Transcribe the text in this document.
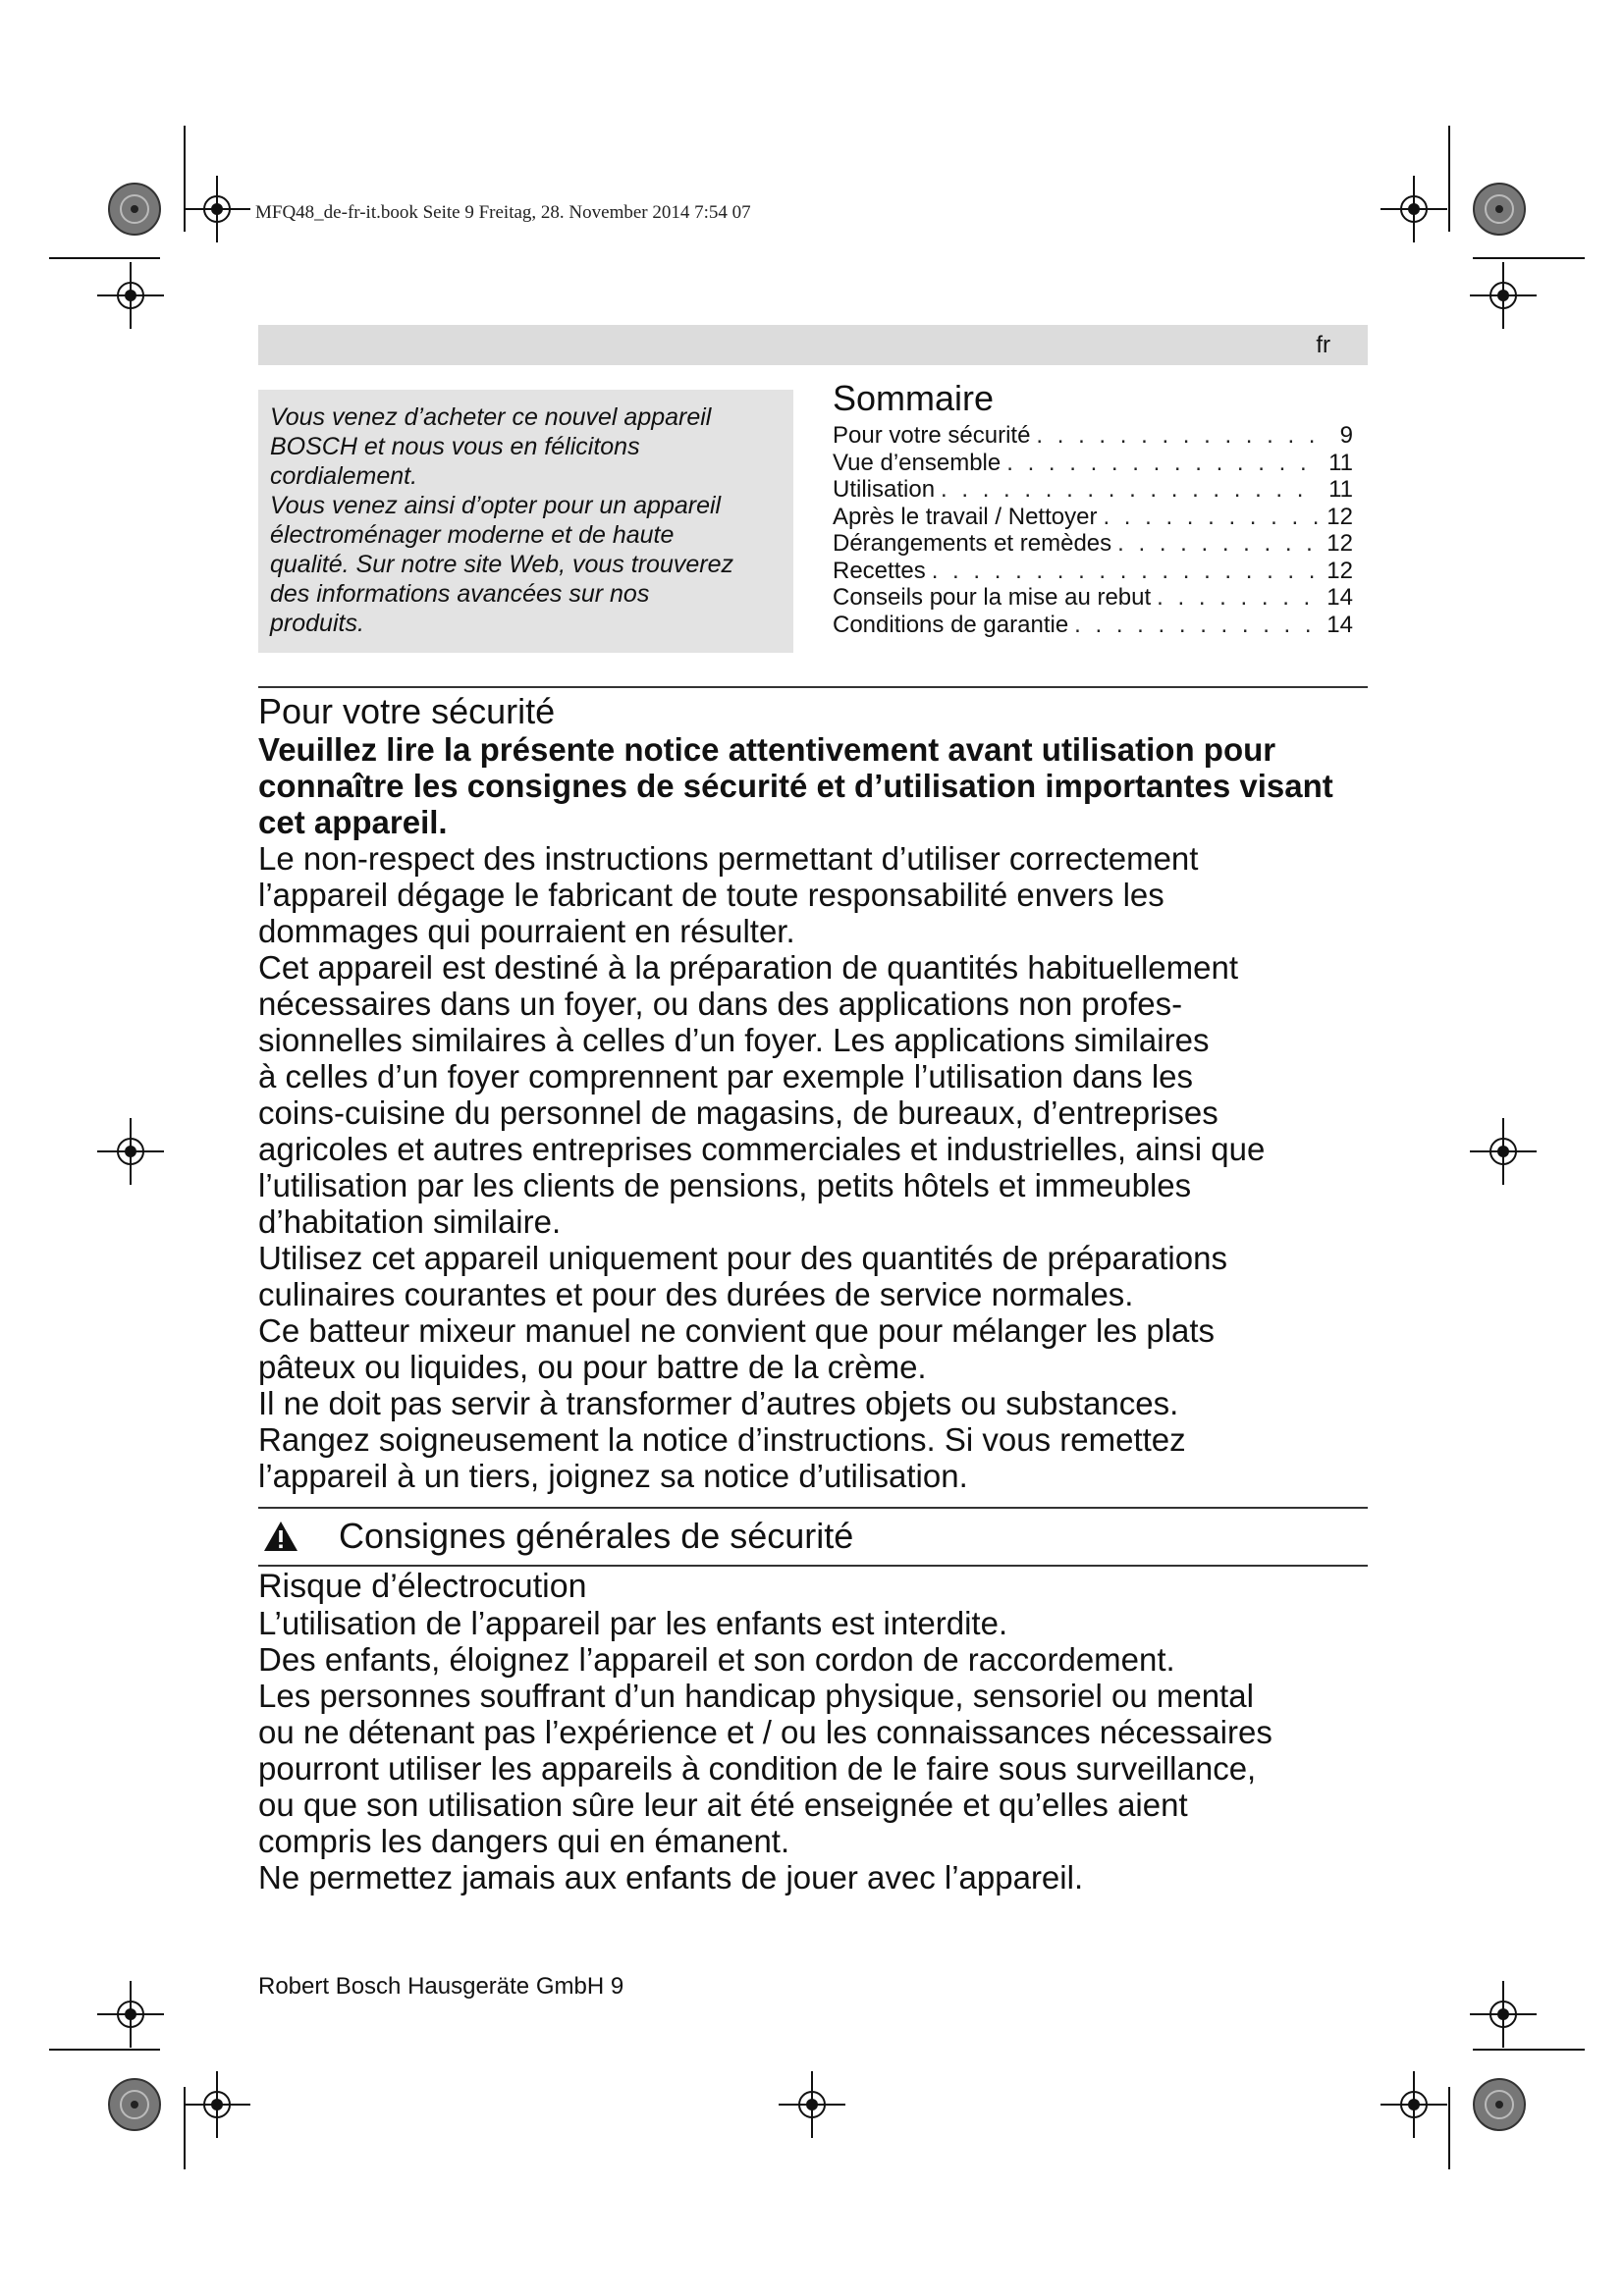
MFQ48_de-fr-it.book Seite 9 Freitag, 28. November 2014 7:54 07
fr

Vous venez d’acheter ce nouvel appareil

BOSCH et nous vous en félicitons

cordialement.

Vous venez ainsi d’opter pour un appareil

électroménager moderne et de haute

qualité. Sur notre site Web, vous trouverez

des informations avancées sur nos

produits.

Sommaire
Pour votre sécurité . . .	9
Vue d’ensemble . . .	11
Utilisation . . .	11
Après le travail / Nettoyer . . .	12
Dérangements et remèdes . . .	12
Recettes . . .	12
Conseils pour la mise au rebut . . .	14
Conditions de garantie . . .	14
Pour votre sécurité

Veuillez lire la présente notice attentivement avant utilisation pour

connaître les consignes de sécurité et d’utilisation importantes visant

cet appareil.

Le non-respect des instructions permettant d’utiliser correctement

l’appareil dégage le fabricant de toute responsabilité envers les

dommages qui pourraient en résulter.

Cet appareil est destiné à la préparation de quantités habituellement

nécessaires dans un foyer, ou dans des applications non profes-

sionnelles similaires à celles d’un foyer. Les applications similaires

à celles d’un foyer comprennent par exemple l’utilisation dans les

coins-cuisine du personnel de magasins, de bureaux, d’entreprises

agricoles et autres entreprises commerciales et industrielles, ainsi que

l’utilisation par les clients de pensions, petits hôtels et immeubles

d’habitation similaire.

Utilisez cet appareil uniquement pour des quantités de préparations

culinaires courantes et pour des durées de service normales.

Ce batteur mixeur manuel ne convient que pour mélanger les plats

pâteux ou liquides, ou pour battre de la crème.

Il ne doit pas servir à transformer d’autres objets ou substances.

Rangez soigneusement la notice d’instructions. Si vous remettez

l’appareil à un tiers, joignez sa notice d’utilisation.

Consignes générales de sécurité
Risque d’électrocution

L’utilisation de l’appareil par les enfants est interdite.

Des enfants, éloignez l’appareil et son cordon de raccordement.

Les personnes souffrant d’un handicap physique, sensoriel ou mental

ou ne détenant pas l’expérience et / ou les connaissances nécessaires

pourront utiliser les appareils à condition de le faire sous surveillance,

ou que son utilisation sûre leur ait été enseignée et qu’elles aient

compris les dangers qui en émanent.

Ne permettez jamais aux enfants de jouer avec l’appareil.

Robert Bosch Hausgeräte GmbH 9
